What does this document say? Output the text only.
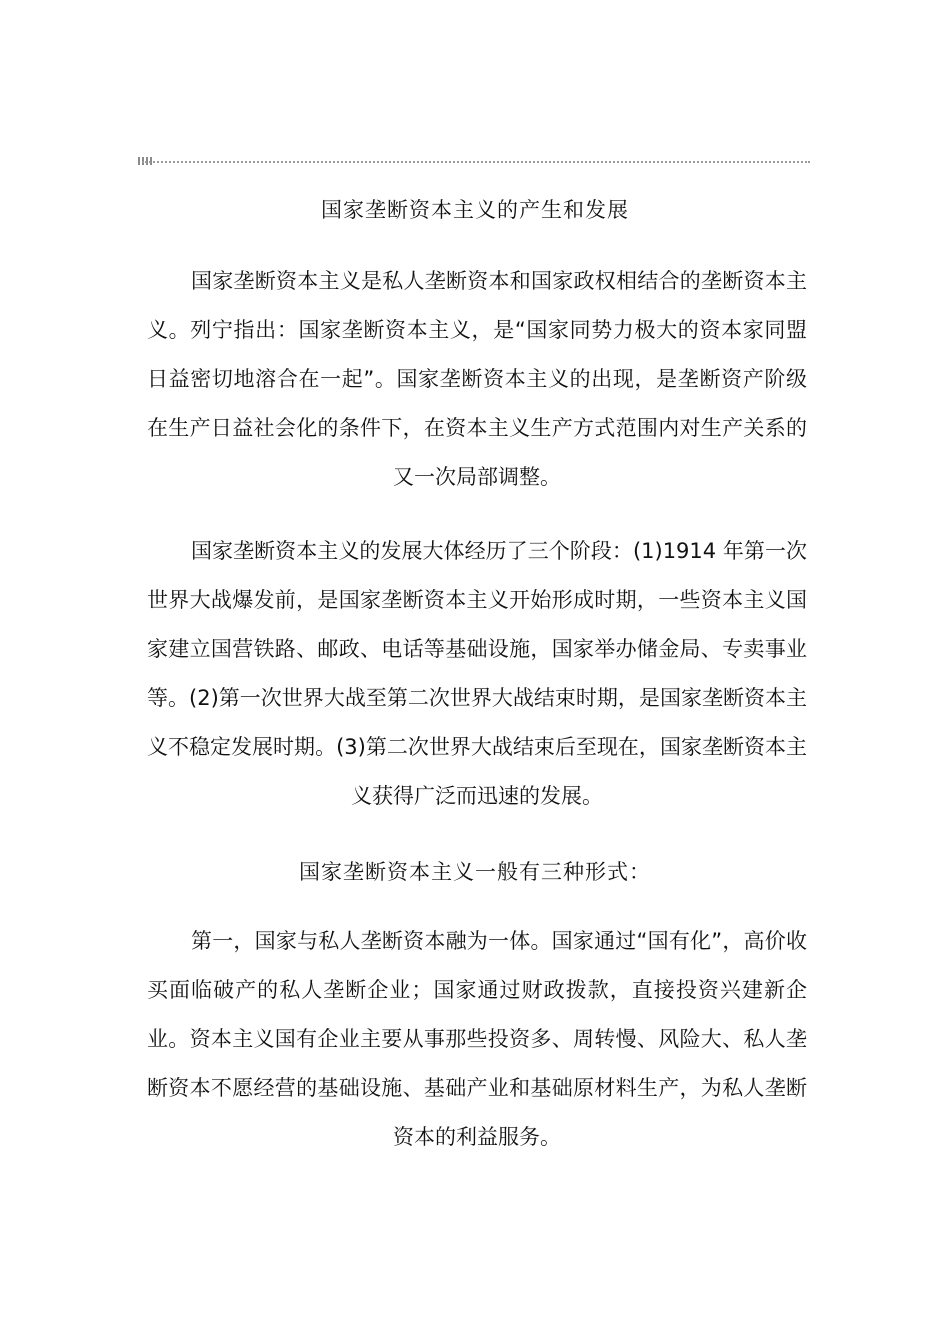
国家垄断资本主义的产生和发展

国家垄断资本主义是私人垄断资本和国家政权相结合的垄断资本主义。列宁指出：国家垄断资本主义，是“国家同势力极大的资本家同盟日益密切地溶合在一起”。国家垄断资本主义的出现，是垄断资产阶级在生产日益社会化的条件下，在资本主义生产方式范围内对生产关系的又一次局部调整。

国家垄断资本主义的发展大体经历了三个阶段：(1)1914 年第一次世界大战爆发前，是国家垄断资本主义开始形成时期，一些资本主义国家建立国营铁路、邮政、电话等基础设施，国家举办储金局、专卖事业等。(2)第一次世界大战至第二次世界大战结束时期，是国家垄断资本主义不稳定发展时期。(3)第二次世界大战结束后至现在，国家垄断资本主义获得广泛而迅速的发展。

国家垄断资本主义一般有三种形式：

第一，国家与私人垄断资本融为一体。国家通过“国有化”，高价收买面临破产的私人垄断企业；国家通过财政拨款，直接投资兴建新企业。资本主义国有企业主要从事那些投资多、周转慢、风险大、私人垄断资本不愿经营的基础设施、基础产业和基础原材料生产，为私人垄断资本的利益服务。
